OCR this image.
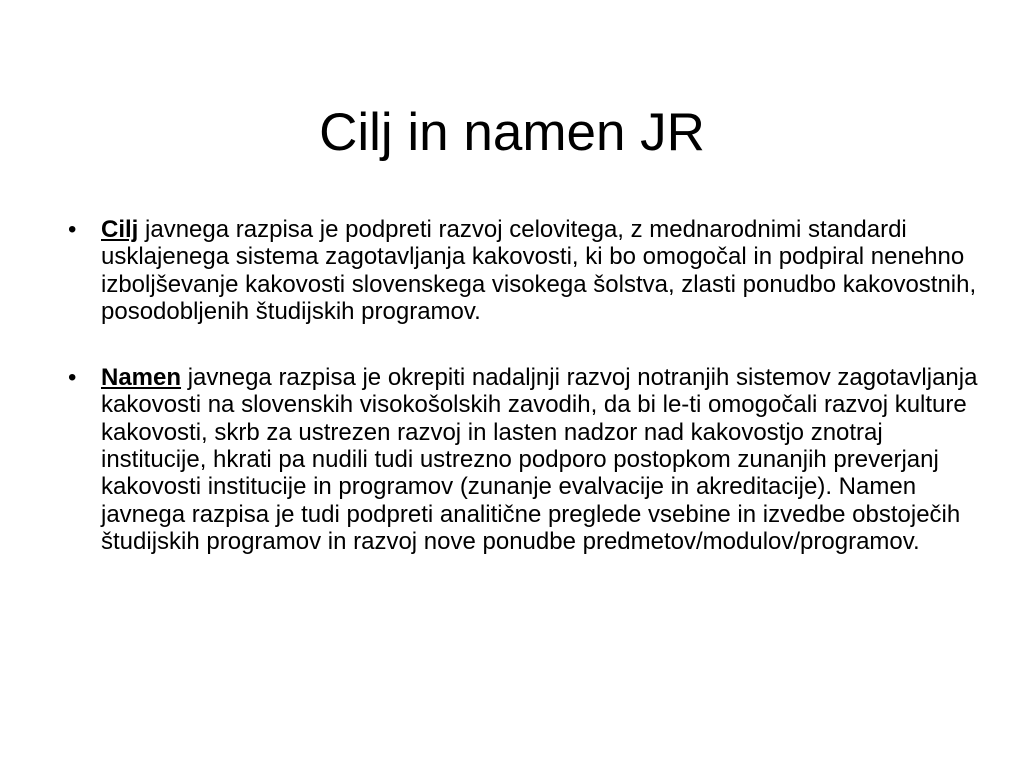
Cilj in namen JR
• Cilj javnega razpisa je podpreti razvoj celovitega, z mednarodnimi standardi usklajenega sistema zagotavljanja kakovosti, ki bo omogočal in podpiral nenehno izboljševanje kakovosti slovenskega visokega šolstva, zlasti ponudbo kakovostnih, posodobljenih študijskih programov.
• Namen javnega razpisa je okrepiti nadaljnji razvoj notranjih sistemov zagotavljanja kakovosti na slovenskih visokošolskih zavodih, da bi le-ti omogočali razvoj kulture kakovosti, skrb za ustrezen razvoj in lasten nadzor nad kakovostjo znotraj institucije, hkrati pa nudili tudi ustrezno podporo postopkom zunanjih preverjanj kakovosti institucije in programov (zunanje evalvacije in akreditacije). Namen javnega razpisa je tudi podpreti analitične preglede vsebine in izvedbe obstoječih študijskih programov in razvoj nove ponudbe predmetov/modulov/programov.
